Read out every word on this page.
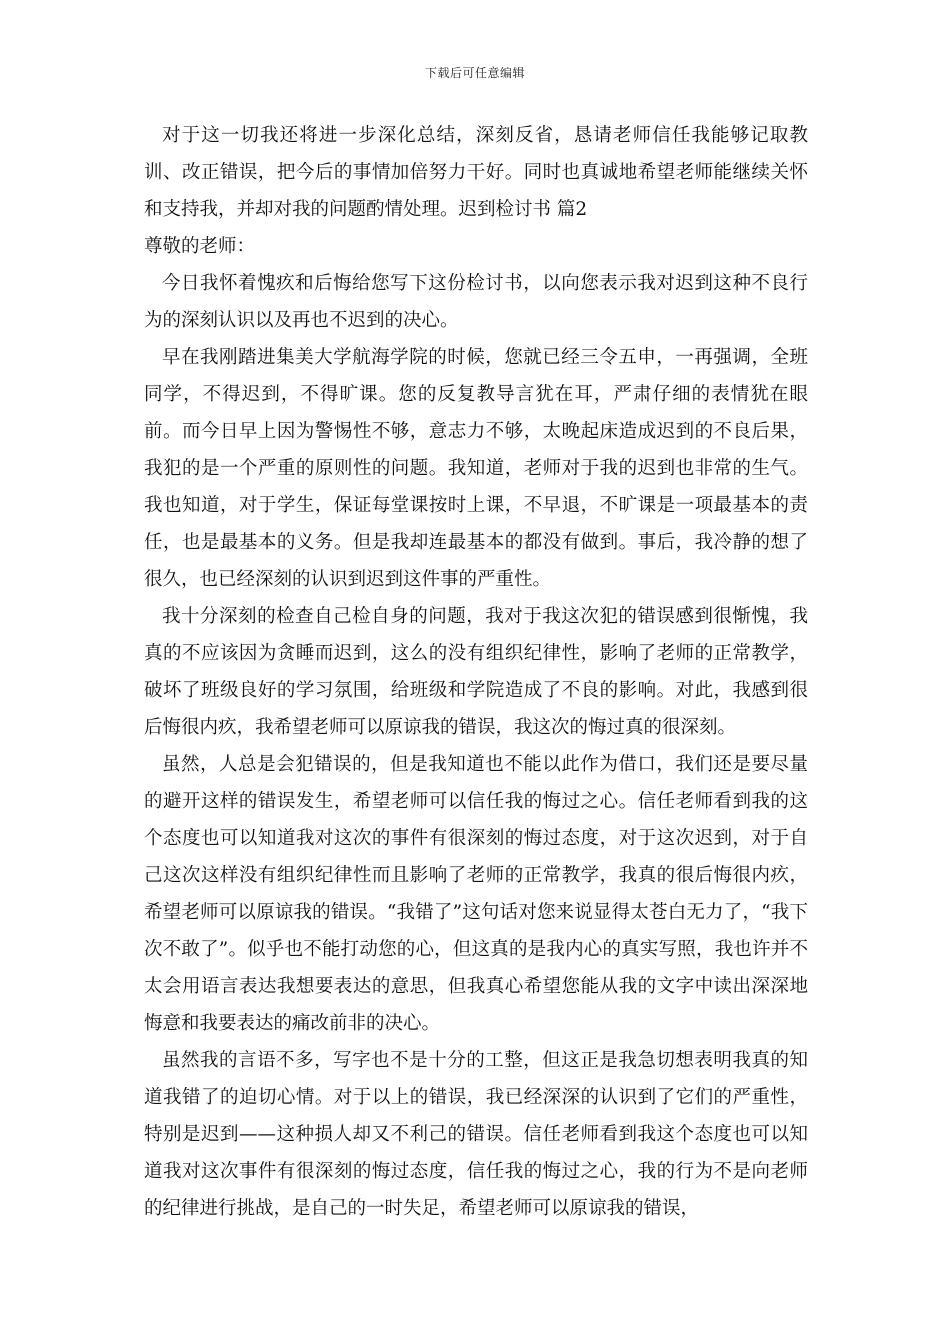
下载后可任意编辑

对于这一切我还将进一步深化总结，深刻反省，恳请老师信任我能够记取教训、改正错误，把今后的事情加倍努力干好。同时也真诚地希望老师能继续关怀和支持我，并却对我的问题酌情处理。迟到检讨书 篇2

尊敬的老师：

今日我怀着愧疚和后悔给您写下这份检讨书，以向您表示我对迟到这种不良行为的深刻认识以及再也不迟到的决心。

早在我刚踏进集美大学航海学院的时候，您就已经三令五申，一再强调，全班同学，不得迟到，不得旷课。您的反复教导言犹在耳，严肃仔细的表情犹在眼前。而今日早上因为警惕性不够，意志力不够，太晚起床造成迟到的不良后果，我犯的是一个严重的原则性的问题。我知道，老师对于我的迟到也非常的生气。我也知道，对于学生，保证每堂课按时上课，不早退，不旷课是一项最基本的责任，也是最基本的义务。但是我却连最基本的都没有做到。事后，我冷静的想了很久，也已经深刻的认识到迟到这件事的严重性。

我十分深刻的检查自己检自身的问题，我对于我这次犯的错误感到很惭愧，我真的不应该因为贪睡而迟到，这么的没有组织纪律性，影响了老师的正常教学，破坏了班级良好的学习氛围，给班级和学院造成了不良的影响。对此，我感到很后悔很内疚，我希望老师可以原谅我的错误，我这次的悔过真的很深刻。

虽然，人总是会犯错误的，但是我知道也不能以此作为借口，我们还是要尽量的避开这样的错误发生，希望老师可以信任我的悔过之心。信任老师看到我的这个态度也可以知道我对这次的事件有很深刻的悔过态度，对于这次迟到，对于自己这次这样没有组织纪律性而且影响了老师的正常教学，我真的很后悔很内疚，希望老师可以原谅我的错误。“我错了”这句话对您来说显得太苍白无力了，“我下次不敢了”。似乎也不能打动您的心，但这真的是我内心的真实写照，我也许并不太会用语言表达我想要表达的意思，但我真心希望您能从我的文字中读出深深地悔意和我要表达的痛改前非的决心。

虽然我的言语不多，写字也不是十分的工整，但这正是我急切想表明我真的知道我错了的迫切心情。对于以上的错误，我已经深深的认识到了它们的严重性，特别是迟到——这种损人却又不利己的错误。信任老师看到我这个态度也可以知道我对这次事件有很深刻的悔过态度，信任我的悔过之心，我的行为不是向老师的纪律进行挑战，是自己的一时失足，希望老师可以原谅我的错误，
